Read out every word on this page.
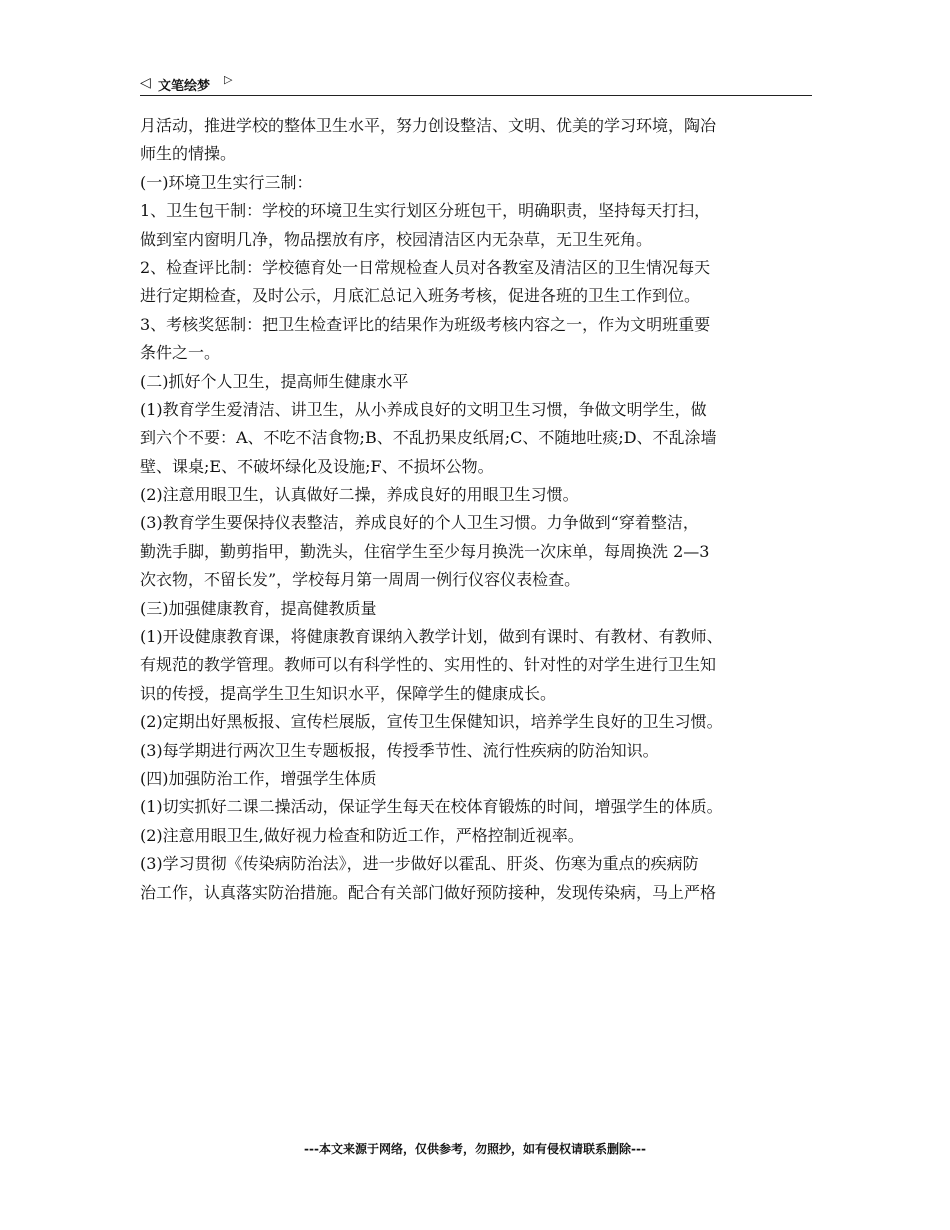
◁ 文笔绘梦 ▷
月活动，推进学校的整体卫生水平，努力创设整洁、文明、优美的学习环境，陶冶
师生的情操。
(一)环境卫生实行三制：
1、卫生包干制：学校的环境卫生实行划区分班包干，明确职责，坚持每天打扫，
做到室内窗明几净，物品摆放有序，校园清洁区内无杂草，无卫生死角。
2、检查评比制：学校德育处一日常规检查人员对各教室及清洁区的卫生情况每天
进行定期检查，及时公示，月底汇总记入班务考核，促进各班的卫生工作到位。
3、考核奖惩制：把卫生检查评比的结果作为班级考核内容之一，作为文明班重要
条件之一。
(二)抓好个人卫生，提高师生健康水平
(1)教育学生爱清洁、讲卫生，从小养成良好的文明卫生习惯，争做文明学生，做
到六个不要：A、不吃不洁食物;B、不乱扔果皮纸屑;C、不随地吐痰;D、不乱涂墙
壁、课桌;E、不破坏绿化及设施;F、不损坏公物。
(2)注意用眼卫生，认真做好二操，养成良好的用眼卫生习惯。
(3)教育学生要保持仪表整洁，养成良好的个人卫生习惯。力争做到“穿着整洁，
勤洗手脚，勤剪指甲，勤洗头，住宿学生至少每月换洗一次床单，每周换洗 2—3
次衣物，不留长发”，学校每月第一周周一例行仪容仪表检查。
(三)加强健康教育，提高健教质量
(1)开设健康教育课，将健康教育课纳入教学计划，做到有课时、有教材、有教师、
有规范的教学管理。教师可以有科学性的、实用性的、针对性的对学生进行卫生知
识的传授，提高学生卫生知识水平，保障学生的健康成长。
(2)定期出好黑板报、宣传栏展版，宣传卫生保健知识，培养学生良好的卫生习惯。
(3)每学期进行两次卫生专题板报，传授季节性、流行性疾病的防治知识。
(四)加强防治工作，增强学生体质
(1)切实抓好二课二操活动，保证学生每天在校体育锻炼的时间，增强学生的体质。
(2)注意用眼卫生,做好视力检查和防近工作，严格控制近视率。
(3)学习贯彻《传染病防治法》，进一步做好以霍乱、肝炎、伤寒为重点的疾病防
治工作，认真落实防治措施。配合有关部门做好预防接种，发现传染病，马上严格
---本文来源于网络，仅供参考，勿照抄，如有侵权请联系删除---
